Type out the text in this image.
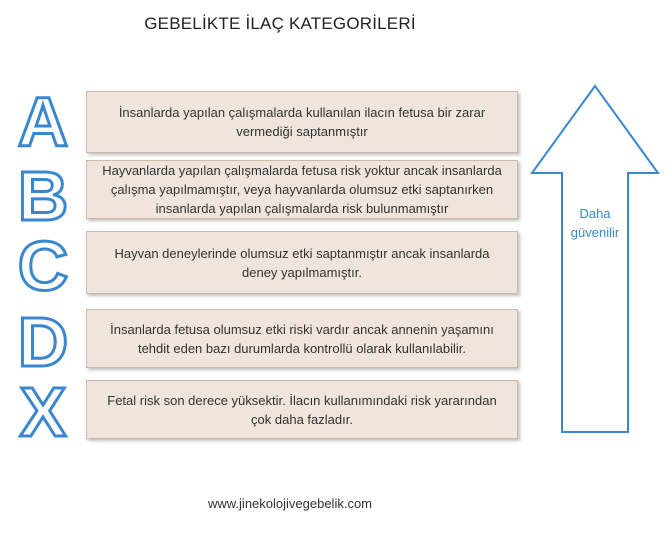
GEBELİKTE İLAÇ KATEGORİLERİ
A
B
C
D
X
İnsanlarda yapılan çalışmalarda kullanılan ilacın fetusa bir zarar vermediği saptanmıştır
Hayvanlarda yapılan çalışmalarda fetusa risk yoktur ancak insanlarda çalışma yapılmamıştır, veya hayvanlarda olumsuz etki saptanırken insanlarda yapılan çalışmalarda risk bulunmamıştır
Hayvan deneylerinde olumsuz etki saptanmıştır ancak insanlarda deney yapılmamıştır.
İnsanlarda fetusa olumsuz etki riski vardır ancak annenin yaşamını tehdit eden bazı durumlarda kontrollü olarak kullanılabilir.
Fetal risk son derece yüksektir. İlacın kullanımındaki risk yararından çok daha fazladır.
Daha güvenilir
www.jinekolojivegebelik.com
